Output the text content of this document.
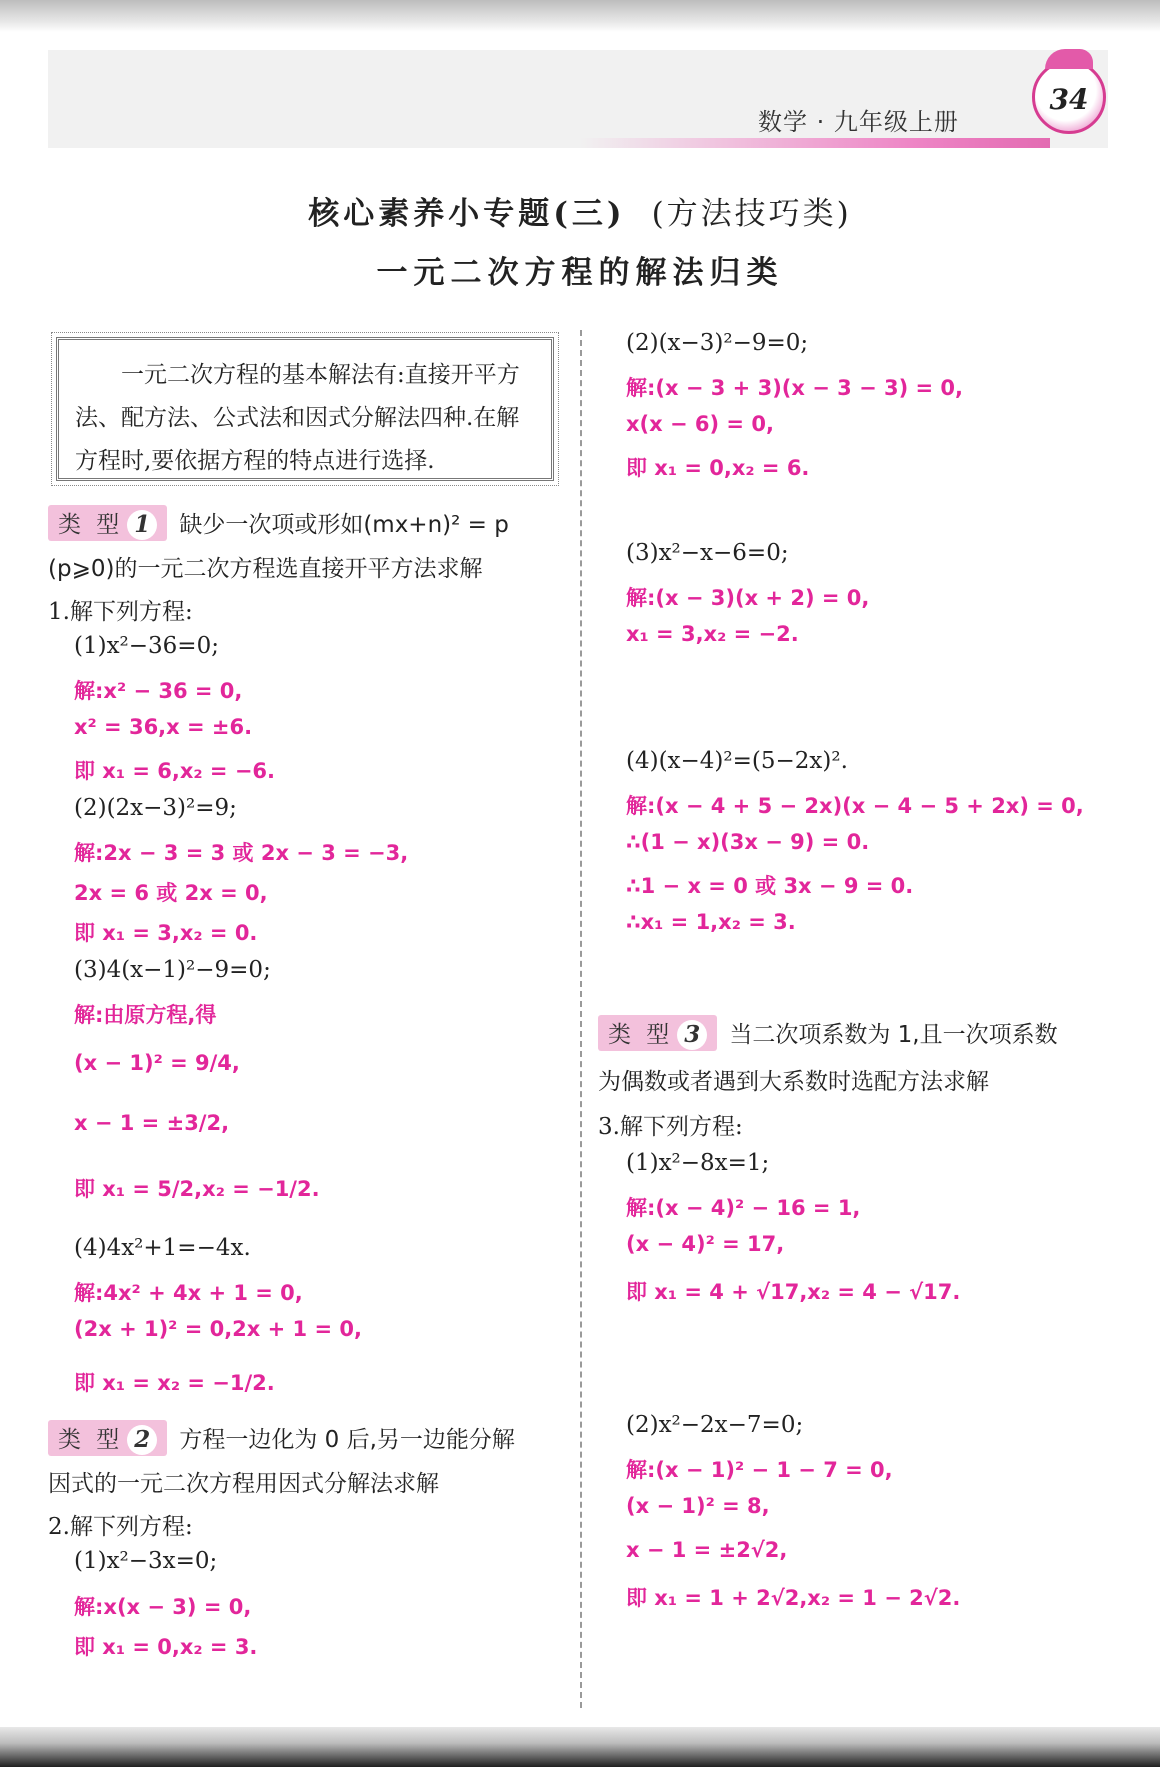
数学 · 九年级上册
34
核心素养小专题(三) (方法技巧类)
一元二次方程的解法归类
一元二次方程的基本解法有:直接开平方法、配方法、公式法和因式分解法四种.在解方程时,要依据方程的特点进行选择.
类 型 1 缺少一次项或形如(mx+n)² = p
(p⩾0)的一元二次方程选直接开平方法求解
1.解下列方程:
(1)x²−36=0;
解:x² − 36 = 0,
x² = 36,x = ±6.
即 x₁ = 6,x₂ = −6.
(2)(2x−3)²=9;
解:2x − 3 = 3 或 2x − 3 = −3,
2x = 6 或 2x = 0,
即 x₁ = 3,x₂ = 0.
(3)4(x−1)²−9=0;
解:由原方程,得
(x − 1)² = 9/4,
x − 1 = ±3/2,
即 x₁ = 5/2,x₂ = −1/2.
(4)4x²+1=−4x.
解:4x² + 4x + 1 = 0,
(2x + 1)² = 0,2x + 1 = 0,
即 x₁ = x₂ = −1/2.
类 型 2 方程一边化为 0 后,另一边能分解
因式的一元二次方程用因式分解法求解
2.解下列方程:
(1)x²−3x=0;
解:x(x − 3) = 0,
即 x₁ = 0,x₂ = 3.
(2)(x−3)²−9=0;
解:(x − 3 + 3)(x − 3 − 3) = 0,
x(x − 6) = 0,
即 x₁ = 0,x₂ = 6.
(3)x²−x−6=0;
解:(x − 3)(x + 2) = 0,
x₁ = 3,x₂ = −2.
(4)(x−4)²=(5−2x)².
解:(x − 4 + 5 − 2x)(x − 4 − 5 + 2x) = 0,
∴(1 − x)(3x − 9) = 0.
∴1 − x = 0 或 3x − 9 = 0.
∴x₁ = 1,x₂ = 3.
类 型 3 当二次项系数为 1,且一次项系数
为偶数或者遇到大系数时选配方法求解
3.解下列方程:
(1)x²−8x=1;
解:(x − 4)² − 16 = 1,
(x − 4)² = 17,
即 x₁ = 4 + √17,x₂ = 4 − √17.
(2)x²−2x−7=0;
解:(x − 1)² − 1 − 7 = 0,
(x − 1)² = 8,
x − 1 = ±2√2,
即 x₁ = 1 + 2√2,x₂ = 1 − 2√2.
